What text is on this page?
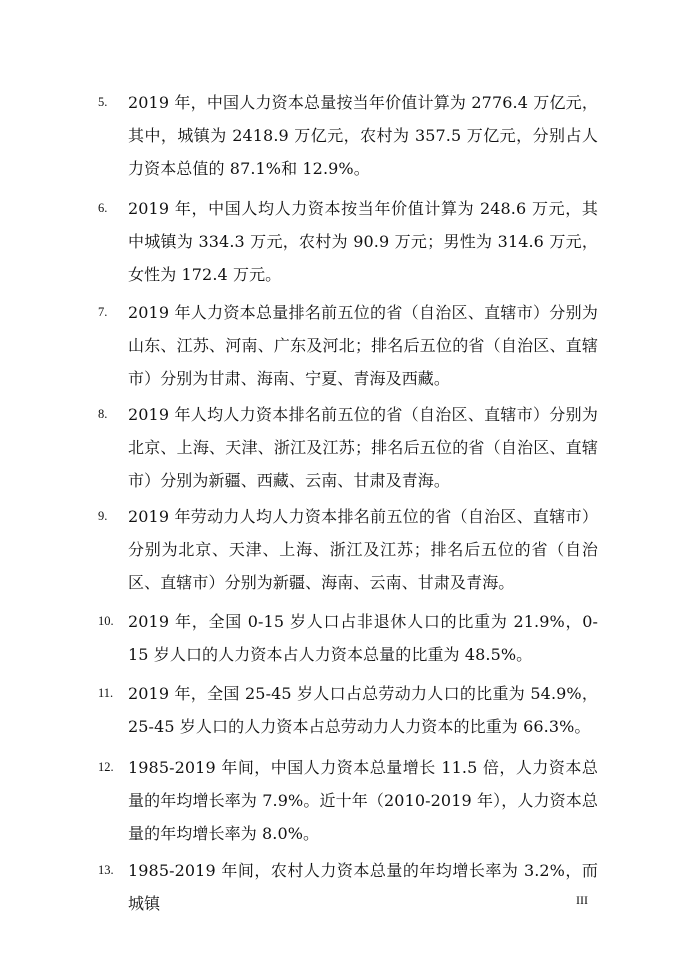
5. 2019 年，中国人力资本总量按当年价值计算为 2776.4 万亿元，其中，城镇为 2418.9 万亿元，农村为 357.5 万亿元，分别占人力资本总值的 87.1%和 12.9%。
6. 2019 年，中国人均人力资本按当年价值计算为 248.6 万元，其中城镇为 334.3 万元，农村为 90.9 万元；男性为 314.6 万元，女性为 172.4 万元。
7. 2019 年人力资本总量排名前五位的省（自治区、直辖市）分别为山东、江苏、河南、广东及河北；排名后五位的省（自治区、直辖市）分别为甘肃、海南、宁夏、青海及西藏。
8. 2019 年人均人力资本排名前五位的省（自治区、直辖市）分别为北京、上海、天津、浙江及江苏；排名后五位的省（自治区、直辖市）分别为新疆、西藏、云南、甘肃及青海。
9. 2019 年劳动力人均人力资本排名前五位的省（自治区、直辖市）分别为北京、天津、上海、浙江及江苏；排名后五位的省（自治区、直辖市）分别为新疆、海南、云南、甘肃及青海。
10. 2019 年，全国 0-15 岁人口占非退休人口的比重为 21.9%，0-15 岁人口的人力资本占人力资本总量的比重为 48.5%。
11. 2019 年，全国 25-45 岁人口占总劳动力人口的比重为 54.9%，25-45 岁人口的人力资本占总劳动力人力资本的比重为 66.3%。
12. 1985-2019 年间，中国人力资本总量增长 11.5 倍，人力资本总量的年均增长率为 7.9%。近十年（2010-2019 年），人力资本总量的年均增长率为 8.0%。
13. 1985-2019 年间，农村人力资本总量的年均增长率为 3.2%，而城镇	III
